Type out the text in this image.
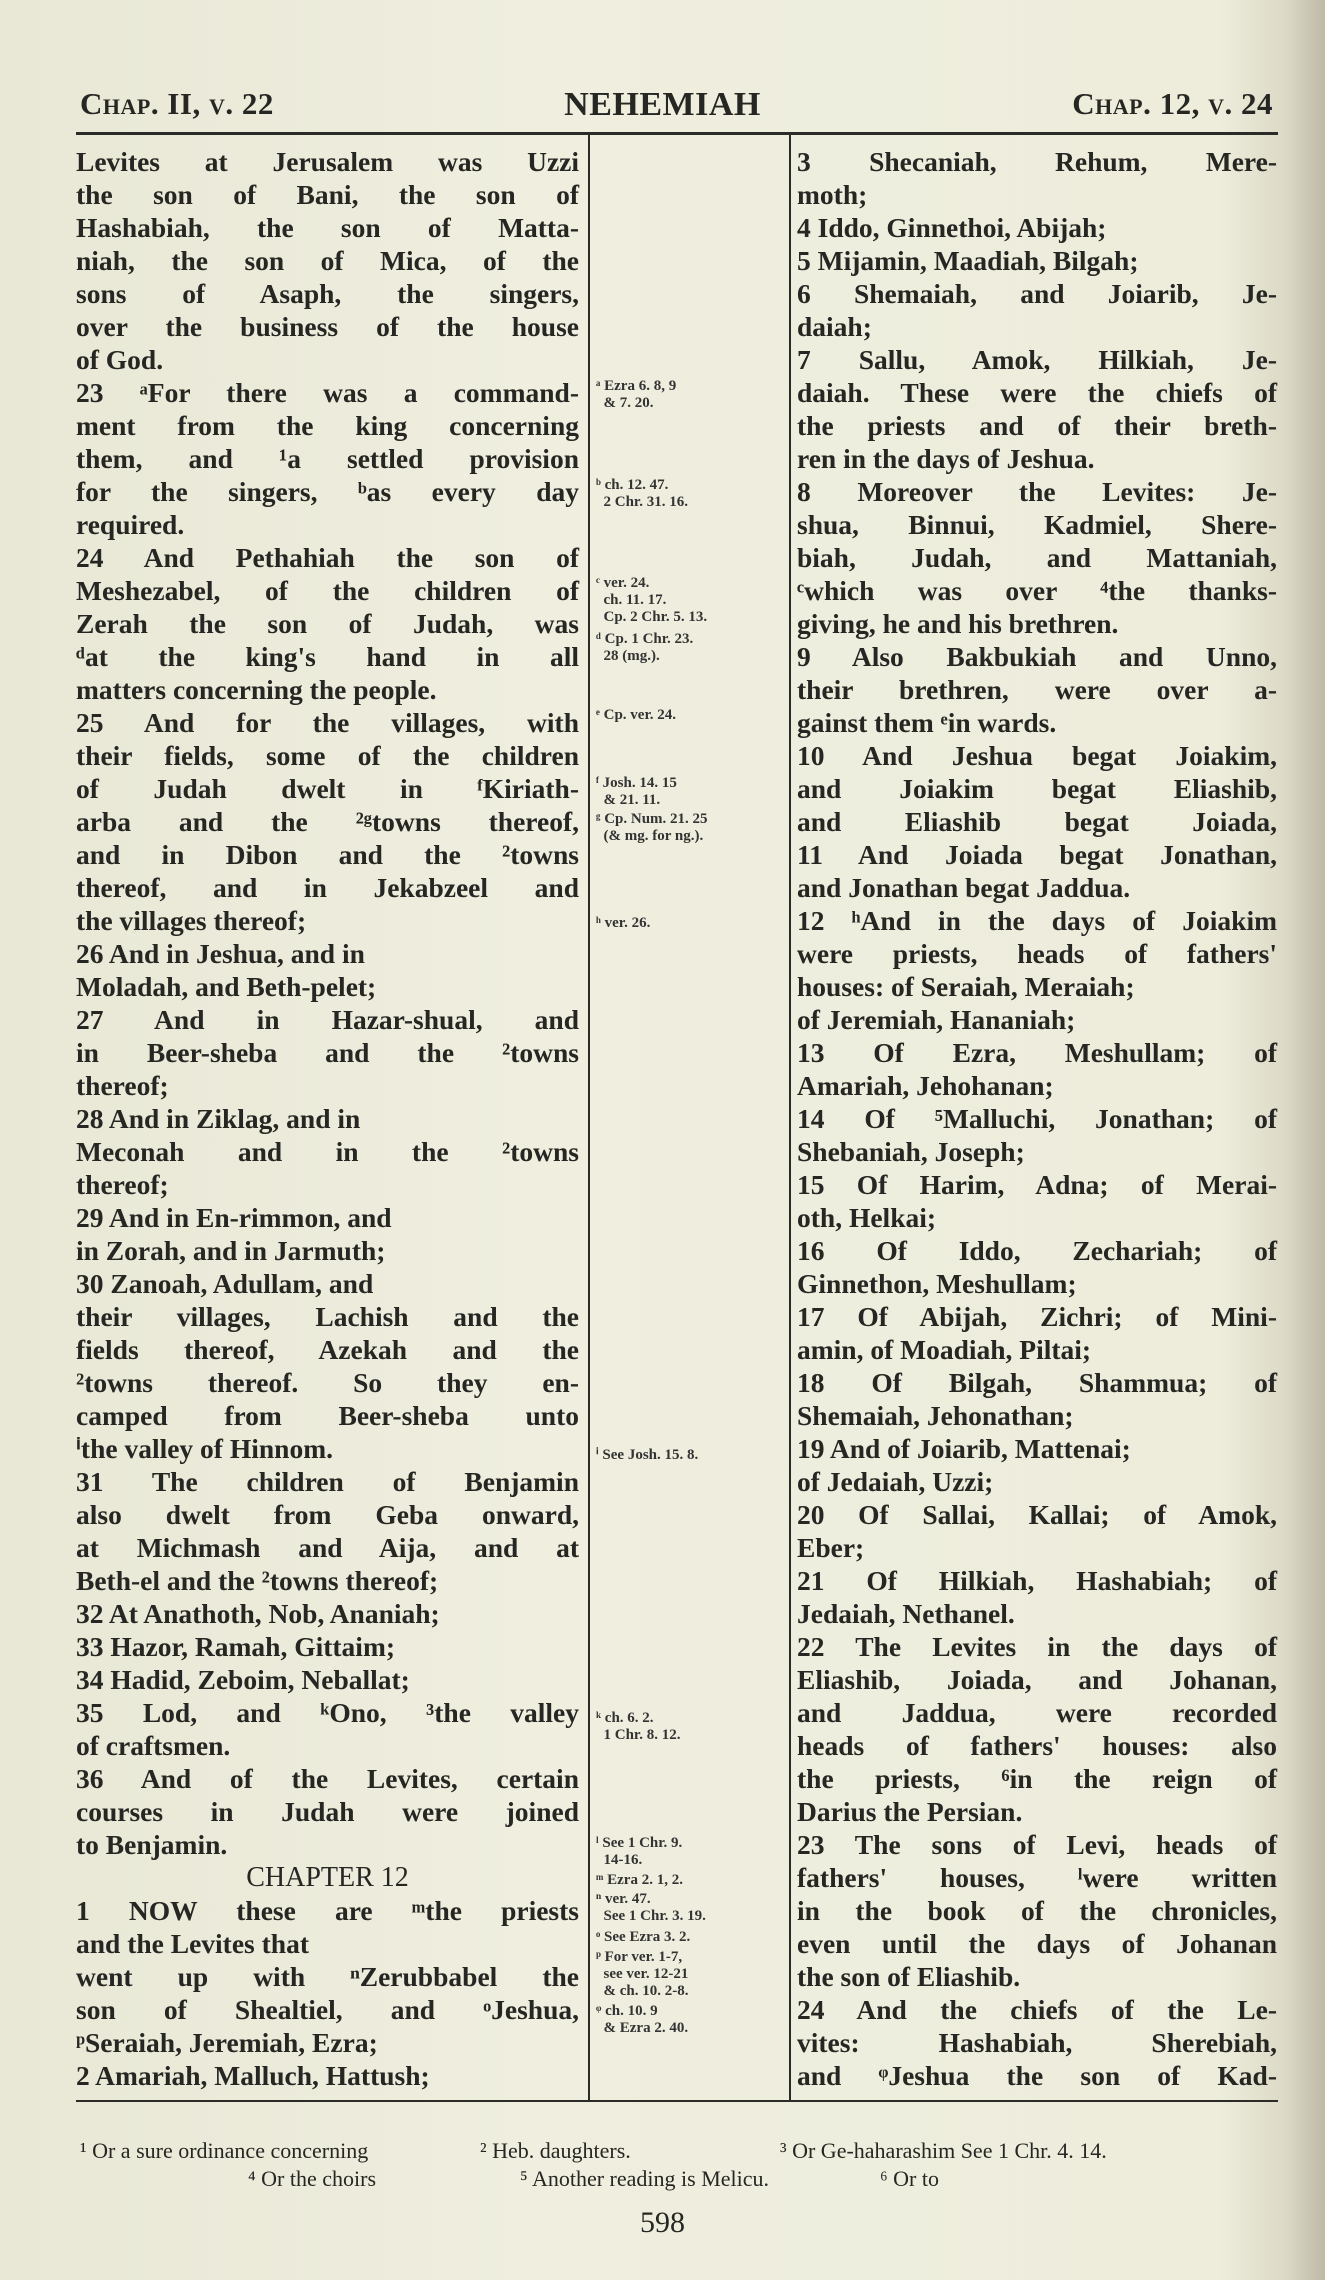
Chap. II, v. 22	NEHEMIAH	Chap. 12, v. 24
Levites at Jerusalem was Uzzi
the son of Bani, the son of
Hashabiah, the son of Matta-
niah, the son of Mica, of the
sons of Asaph, the singers,
over the business of the house
of God.
23 ᵃFor there was a command-
ment from the king concerning
them, and ¹a settled provision
for the singers, ᵇas every day
required.
24 And Pethahiah the son of
Meshezabel, of the children of
Zerah the son of Judah, was
ᵈat the king's hand in all
matters concerning the people.
25 And for the villages, with
their fields, some of the children
of Judah dwelt in ᶠKiriath-
arba and the ²ᵍtowns thereof,
and in Dibon and the ²towns
thereof, and in Jekabzeel and
the villages thereof;
26 And in Jeshua, and in
Moladah, and Beth-pelet;
27 And in Hazar-shual, and
in Beer-sheba and the ²towns
thereof;
28 And in Ziklag, and in
Meconah and in the ²towns
thereof;
29 And in En-rimmon, and
in Zorah, and in Jarmuth;
30 Zanoah, Adullam, and
their villages, Lachish and the
fields thereof, Azekah and the
²towns thereof. So they en-
camped from Beer-sheba unto
ⁱthe valley of Hinnom.
31 The children of Benjamin
also dwelt from Geba onward,
at Michmash and Aija, and at
Beth-el and the ²towns thereof;
32 At Anathoth, Nob, Ananiah;
33 Hazor, Ramah, Gittaim;
34 Hadid, Zeboim, Neballat;
35 Lod, and ᵏOno, ³the valley
of craftsmen.
36 And of the Levites, certain
courses in Judah were joined
to Benjamin.
CHAPTER 12
1 NOW these are ᵐthe priests
and the Levites that
went up with ⁿZerubbabel the
son of Shealtiel, and ᵒJeshua,
ᵖSeraiah, Jeremiah, Ezra;
2 Amariah, Malluch, Hattush;
3 Shecaniah, Rehum, Mere-
moth;
4 Iddo, Ginnethoi, Abijah;
5 Mijamin, Maadiah, Bilgah;
6 Shemaiah, and Joiarib, Je-
daiah;
7 Sallu, Amok, Hilkiah, Je-
daiah. These were the chiefs of
the priests and of their breth-
ren in the days of Jeshua.
8 Moreover the Levites: Je-
shua, Binnui, Kadmiel, Shere-
biah, Judah, and Mattaniah,
ᶜwhich was over ⁴the thanks-
giving, he and his brethren.
9 Also Bakbukiah and Unno,
their brethren, were over a-
gainst them ᵉin wards.
10 And Jeshua begat Joiakim,
and Joiakim begat Eliashib,
and Eliashib begat Joiada,
11 And Joiada begat Jonathan,
and Jonathan begat Jaddua.
12 ʰAnd in the days of Joiakim
were priests, heads of fathers'
houses: of Seraiah, Meraiah;
of Jeremiah, Hananiah;
13 Of Ezra, Meshullam; of
Amariah, Jehohanan;
14 Of ⁵Malluchi, Jonathan; of
Shebaniah, Joseph;
15 Of Harim, Adna; of Merai-
oth, Helkai;
16 Of Iddo, Zechariah; of
Ginnethon, Meshullam;
17 Of Abijah, Zichri; of Mini-
amin, of Moadiah, Piltai;
18 Of Bilgah, Shammua; of
Shemaiah, Jehonathan;
19 And of Joiarib, Mattenai;
of Jedaiah, Uzzi;
20 Of Sallai, Kallai; of Amok,
Eber;
21 Of Hilkiah, Hashabiah; of
Jedaiah, Nethanel.
22 The Levites in the days of
Eliashib, Joiada, and Johanan,
and Jaddua, were recorded
heads of fathers' houses: also
the priests, ⁶in the reign of
Darius the Persian.
23 The sons of Levi, heads of
fathers' houses, ˡwere written
in the book of the chronicles,
even until the days of Johanan
the son of Eliashib.
24 And the chiefs of the Le-
vites: Hashabiah, Sherebiah,
and ᵠJeshua the son of Kad-
ᵃ Ezra 6. 8, 9
& 7. 20.
ᵇ ch. 12. 47.
2 Chr. 31. 16.
ᶜ ver. 24.
ch. 11. 17.
Cp. 2 Chr. 5. 13.
ᵈ Cp. 1 Chr. 23.
28 (mg.).
ᵉ Cp. ver. 24.
ᶠ Josh. 14. 15
& 21. 11.
ᵍ Cp. Num. 21. 25
(& mg. for ng.).
ʰ ver. 26.
ⁱ See Josh. 15. 8.
ᵏ ch. 6. 2.
1 Chr. 8. 12.
ˡ See 1 Chr. 9.
14-16.
ᵐ Ezra 2. 1, 2.
ⁿ ver. 47.
See 1 Chr. 3. 19.
ᵒ See Ezra 3. 2.
ᵖ For ver. 1-7,
see ver. 12-21
& ch. 10. 2-8.
ᵠ ch. 10. 9
& Ezra 2. 40.
¹ Or a sure ordinance concerning	² Heb. daughters.	³ Or Ge-haharashim See 1 Chr. 4. 14.
⁴ Or the choirs	⁵ Another reading is Melicu.	⁶ Or to
598
